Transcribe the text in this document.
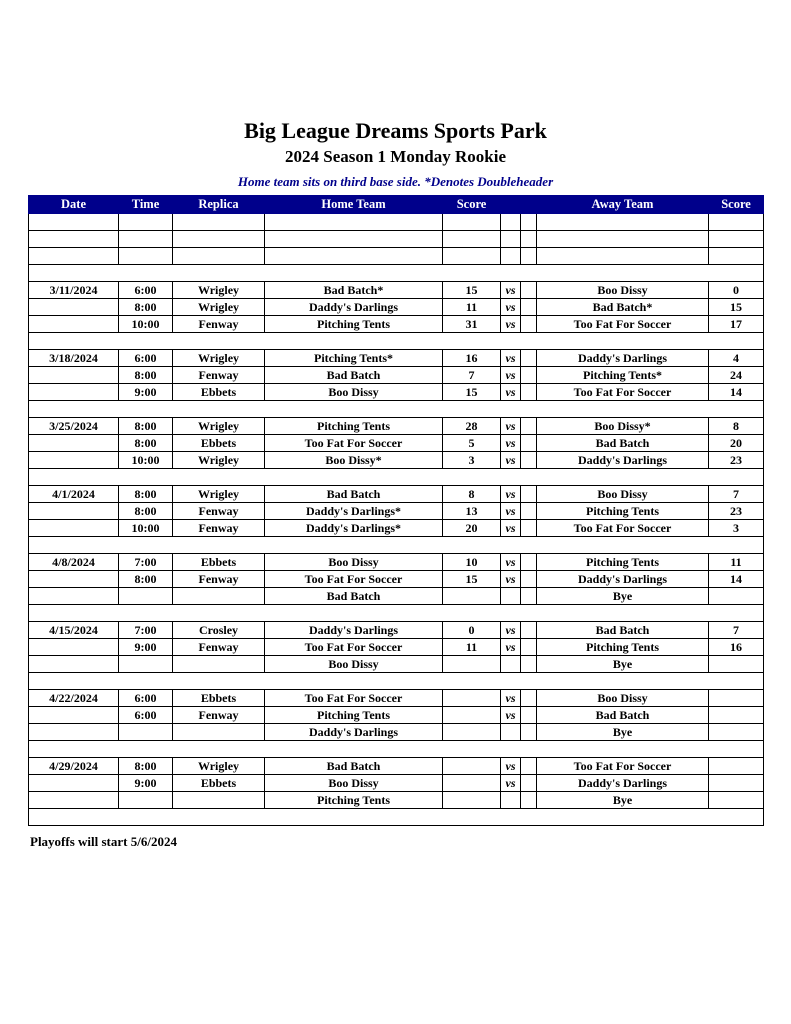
Big League Dreams Sports Park
2024 Season 1 Monday Rookie
Home team sits on third base side. *Denotes Doubleheader
Date	Time	Replica	Home Team	Score			Away Team	Score

3/11/2024	6:00	Wrigley	Bad Batch*	15	vs		Boo Dissy	0
	8:00	Wrigley	Daddy's Darlings	11	vs		Bad Batch*	15
	10:00	Fenway	Pitching Tents	31	vs		Too Fat For Soccer	17

3/18/2024	6:00	Wrigley	Pitching Tents*	16	vs		Daddy's Darlings	4
	8:00	Fenway	Bad Batch	7	vs		Pitching Tents*	24
	9:00	Ebbets	Boo Dissy	15	vs		Too Fat For Soccer	14

3/25/2024	8:00	Wrigley	Pitching Tents	28	vs		Boo Dissy*	8
	8:00	Ebbets	Too Fat For Soccer	5	vs		Bad Batch	20
	10:00	Wrigley	Boo Dissy*	3	vs		Daddy's Darlings	23

4/1/2024	8:00	Wrigley	Bad Batch	8	vs		Boo Dissy	7
	8:00	Fenway	Daddy's Darlings*	13	vs		Pitching Tents	23
	10:00	Fenway	Daddy's Darlings*	20	vs		Too Fat For Soccer	3

4/8/2024	7:00	Ebbets	Boo Dissy	10	vs		Pitching Tents	11
	8:00	Fenway	Too Fat For Soccer	15	vs		Daddy's Darlings	14
			Bad Batch				Bye	

4/15/2024	7:00	Crosley	Daddy's Darlings	0	vs		Bad Batch	7
	9:00	Fenway	Too Fat For Soccer	11	vs		Pitching Tents	16
			Boo Dissy				Bye	

4/22/2024	6:00	Ebbets	Too Fat For Soccer		vs		Boo Dissy	
	6:00	Fenway	Pitching Tents		vs		Bad Batch	
			Daddy's Darlings				Bye	

4/29/2024	8:00	Wrigley	Bad Batch		vs		Too Fat For Soccer	
	9:00	Ebbets	Boo Dissy		vs		Daddy's Darlings	
			Pitching Tents				Bye	

Playoffs will start 5/6/2024
